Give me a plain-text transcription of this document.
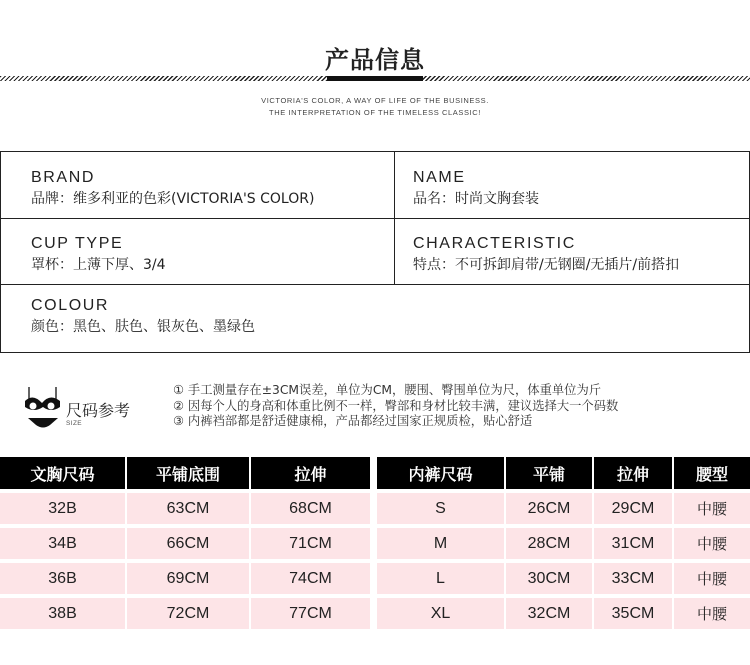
产品信息
VICTORIA'S COLOR, A WAY OF LIFE OF THE BUSINESS.
THE INTERPRETATION OF THE TIMELESS CLASSIC!
BRAND
品牌：维多利亚的色彩(VICTORIA'S COLOR)
NAME
品名：时尚文胸套装
CUP TYPE
罩杯：上薄下厚、3/4
CHARACTERISTIC
特点：不可拆卸肩带/无钢圈/无插片/前搭扣
COLOUR
颜色：黑色、肤色、银灰色、墨绿色
尺码参考
SIZE
① 手工测量存在±3CM误差，单位为CM，腰围、臀围单位为尺，体重单位为斤
② 因每个人的身高和体重比例不一样，臀部和身材比较丰满，建议选择大一个码数
③ 内裤裆部都是舒适健康棉，产品都经过国家正规质检，贴心舒适
文胸尺码	平铺底围	拉伸
32B	63CM	68CM
34B	66CM	71CM
36B	69CM	74CM
38B	72CM	77CM
内裤尺码	平铺	拉伸	腰型
S	26CM	29CM	中腰
M	28CM	31CM	中腰
L	30CM	33CM	中腰
XL	32CM	35CM	中腰
